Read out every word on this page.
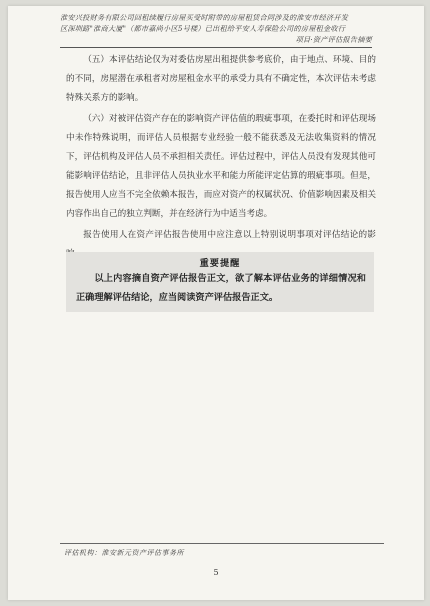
淮安兴投财务有限公司回租续履行房屋买受时附带的房屋租赁合同涉及的淮安市经济开发
区深圳路"淮商大厦"（都市嘉尚小区5号楼）已出租给平安人寿保险公司的房屋租金收行
项目·资产评估报告摘要

（五）本评估结论仅为对委估房屋出租提供参考底价，由于地点、环境、目的的不同，房屋潜在承租者对房屋租金水平的承受力具有不确定性，本次评估未考虑特殊关系方的影响。

（六）对被评估资产存在的影响资产评估值的瑕疵事项，在委托时和评估现场中未作特殊说明，而评估人员根据专业经验一般不能获悉及无法收集资料的情况下，评估机构及评估人员不承担相关责任。评估过程中，评估人员没有发现其他可能影响评估结论，且非评估人员执业水平和能力所能评定估算的瑕疵事项。但是，报告使用人应当不完全依赖本报告，而应对资产的权属状况、价值影响因素及相关内容作出自己的独立判断，并在经济行为中适当考虑。

报告使用人在资产评估报告使用中应注意以上特别说明事项对评估结论的影

重要提醒
以上内容摘自资产评估报告正文，欲了解本评估业务的详细情况和正确理解评估结论，应当阅读资产评估报告正文。
评估机构：淮安新元资产评估事务所
5
